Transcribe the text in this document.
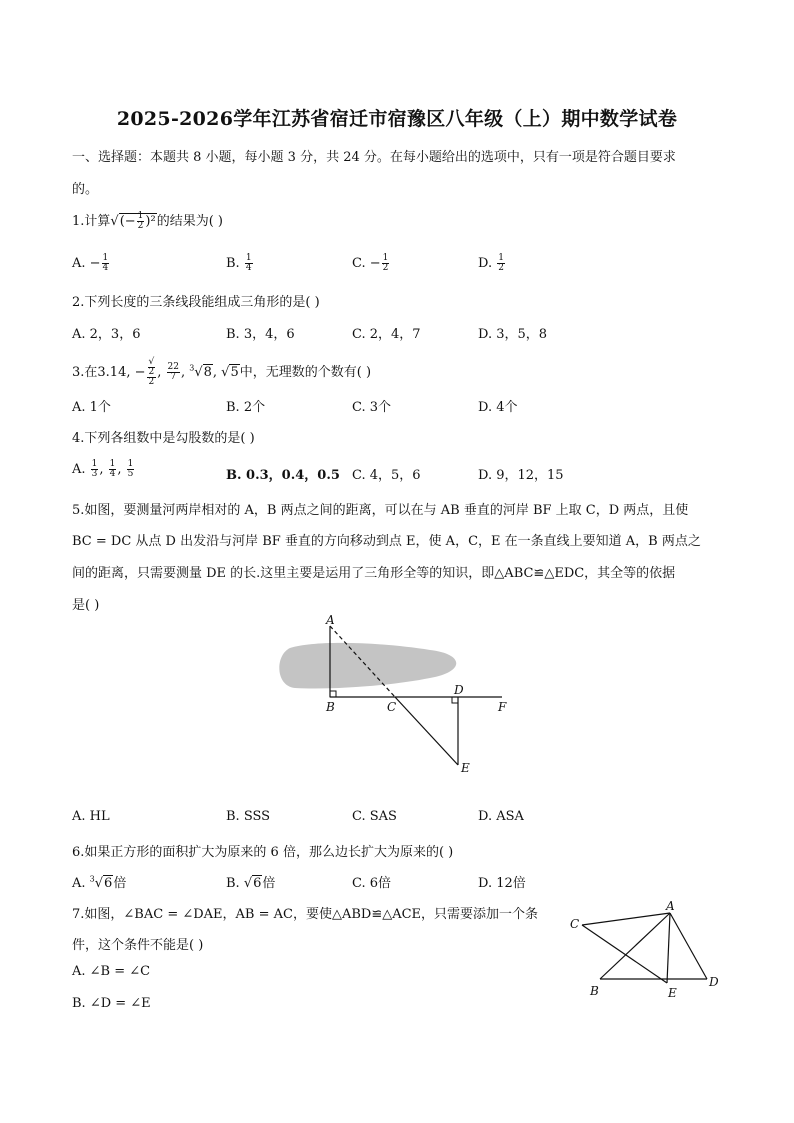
2025-2026学年江苏省宿迁市宿豫区八年级（上）期中数学试卷
一、选择题：本题共 8 小题，每小题 3 分，共 24 分。在每小题给出的选项中，只有一项是符合题目要求
的。
1.计算√(− $\frac{1}{2} )^2$的结果为( )
A. − $\frac{1}{4}$	B. $\frac{1}{4}$	C. − $\frac{1}{2}$	D. $\frac{1}{2}$
2.下列长度的三条线段能组成三角形的是( )
A. 2，3，6	B. 3，4，6	C. 2，4，7	D. 3，5，8
3.在3.14, − √
2
2 , $\frac{22}{7}$ , $^3$√8, √5中，无理数的个数有( )
A. 1个	B. 2个	C. 3个	D. 4个
4.下列各组数中是勾股数的是( )
A. $\frac{1}{3}$ , $\frac{1}{4}$ , $\frac{1}{5}$	B. 0.3，0.4，0.5 C. 4，5，6	D. 9，12，15
5.如图，要测量河两岸相对的 A，B 两点之间的距离，可以在与 AB 垂直的河岸 BF 上取 C，D 两点，且使
BC = DC 从点 D 出发沿与河岸 BF 垂直的方向移动到点 E，使 A，C，E 在一条直线上要知道 A，B 两点之
间的距离，只需要测量 DE 的长.这里主要是运用了三角形全等的知识，即△ABC≌△EDC，其全等的依据
是( )
A
B	C
D
F
E
A. HL	B. SSS	C. SAS	D. ASA
6.如果正方形的面积扩大为原来的 6 倍，那么边长扩大为原来的( )
A. $^3$√6倍	B. √6倍	C. 6倍	D. 12倍
7.如图，∠BAC = ∠DAE，AB = AC，要使△ABD≌△ACE，只需要添加一个条
件，这个条件不能是( )
A. ∠B = ∠C
B. ∠D = ∠E
A
C
B	E
D
